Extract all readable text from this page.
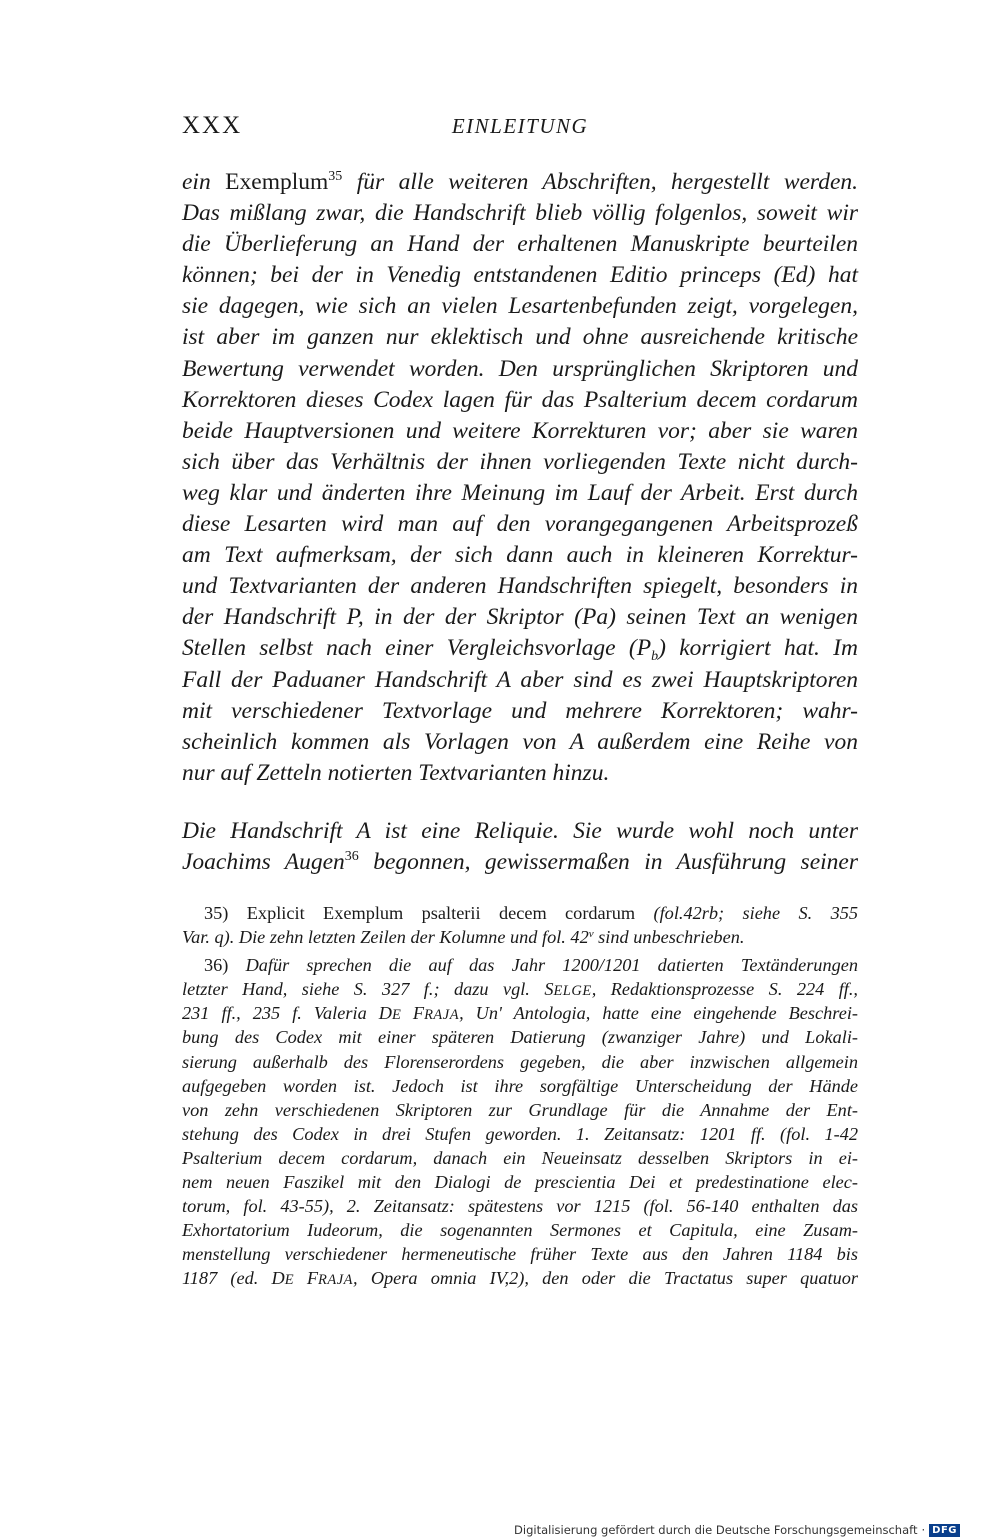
XXX	EINLEITUNG
ein Exemplum$^{35}$ für alle weiteren Abschriften, hergestellt werden.
Das mißlang zwar, die Handschrift blieb völlig folgenlos, soweit wir
die Überlieferung an Hand der erhaltenen Manuskripte beurteilen
können; bei der in Venedig entstandenen Editio princeps (Ed) hat
sie dagegen, wie sich an vielen Lesartenbefunden zeigt, vorgelegen,
ist aber im ganzen nur eklektisch und ohne ausreichende kritische
Bewertung verwendet worden. Den ursprünglichen Skriptoren und
Korrektoren dieses Codex lagen für das Psalterium decem cordarum
beide Hauptversionen und weitere Korrekturen vor; aber sie waren
sich über das Verhältnis der ihnen vorliegenden Texte nicht durch-
weg klar und änderten ihre Meinung im Lauf der Arbeit. Erst durch
diese Lesarten wird man auf den vorangegangenen Arbeitsprozeß
am Text aufmerksam, der sich dann auch in kleineren Korrektur-
und Textvarianten der anderen Handschriften spiegelt, besonders in
der Handschrift P, in der der Skriptor (Pa) seinen Text an wenigen
Stellen selbst nach einer Vergleichsvorlage $(P_b)$ korrigiert hat. Im
Fall der Paduaner Handschrift A aber sind es zwei Hauptskriptoren
mit verschiedener Textvorlage und mehrere Korrektoren; wahr-
scheinlich kommen als Vorlagen von A außerdem eine Reihe von
nur auf Zetteln notierten Textvarianten hinzu.
Die Handschrift A ist eine Reliquie. Sie wurde wohl noch unter
Joachims Augen$^{36}$ begonnen, gewissermaßen in Ausführung seiner
35) Explicit Exemplum psalterii decem cordarum (fol.42rb; siehe S. 355
Var. q). Die zehn letzten Zeilen der Kolumne und fol. 42$^v$ sind unbeschrieben.
36) Dafür sprechen die auf das Jahr 1200/1201 datierten Textänderungen
letzter Hand, siehe S. 327 f.; dazu vgl. SELGE, Redaktionsprozesse S. 224 ff.,
231 ff., 235 f. Valeria DE FRAJA, Un' Antologia, hatte eine eingehende Beschrei-
bung des Codex mit einer späteren Datierung (zwanziger Jahre) und Lokali-
sierung außerhalb des Florenserordens gegeben, die aber inzwischen allgemein
aufgegeben worden ist. Jedoch ist ihre sorgfältige Unterscheidung der Hände
von zehn verschiedenen Skriptoren zur Grundlage für die Annahme der Ent-
stehung des Codex in drei Stufen geworden. 1. Zeitansatz: 1201 ff. (fol. 1-42
Psalterium decem cordarum, danach ein Neueinsatz desselben Skriptors in ei-
nem neuen Faszikel mit den Dialogi de prescientia Dei et predestinatione elec-
torum, fol. 43-55), 2. Zeitansatz: spätestens vor 1215 (fol. 56-140 enthalten das
Exhortatorium Iudeorum, die sogenannten Sermones et Capitula, eine Zusam-
menstellung verschiedener hermeneutische früher Texte aus den Jahren 1184 bis
1187 (ed. DE FRAJA, Opera omnia IV,2), den oder die Tractatus super quatuor
Digitalisierung gefördert durch die Deutsche Forschungsgemeinschaft · DFG
